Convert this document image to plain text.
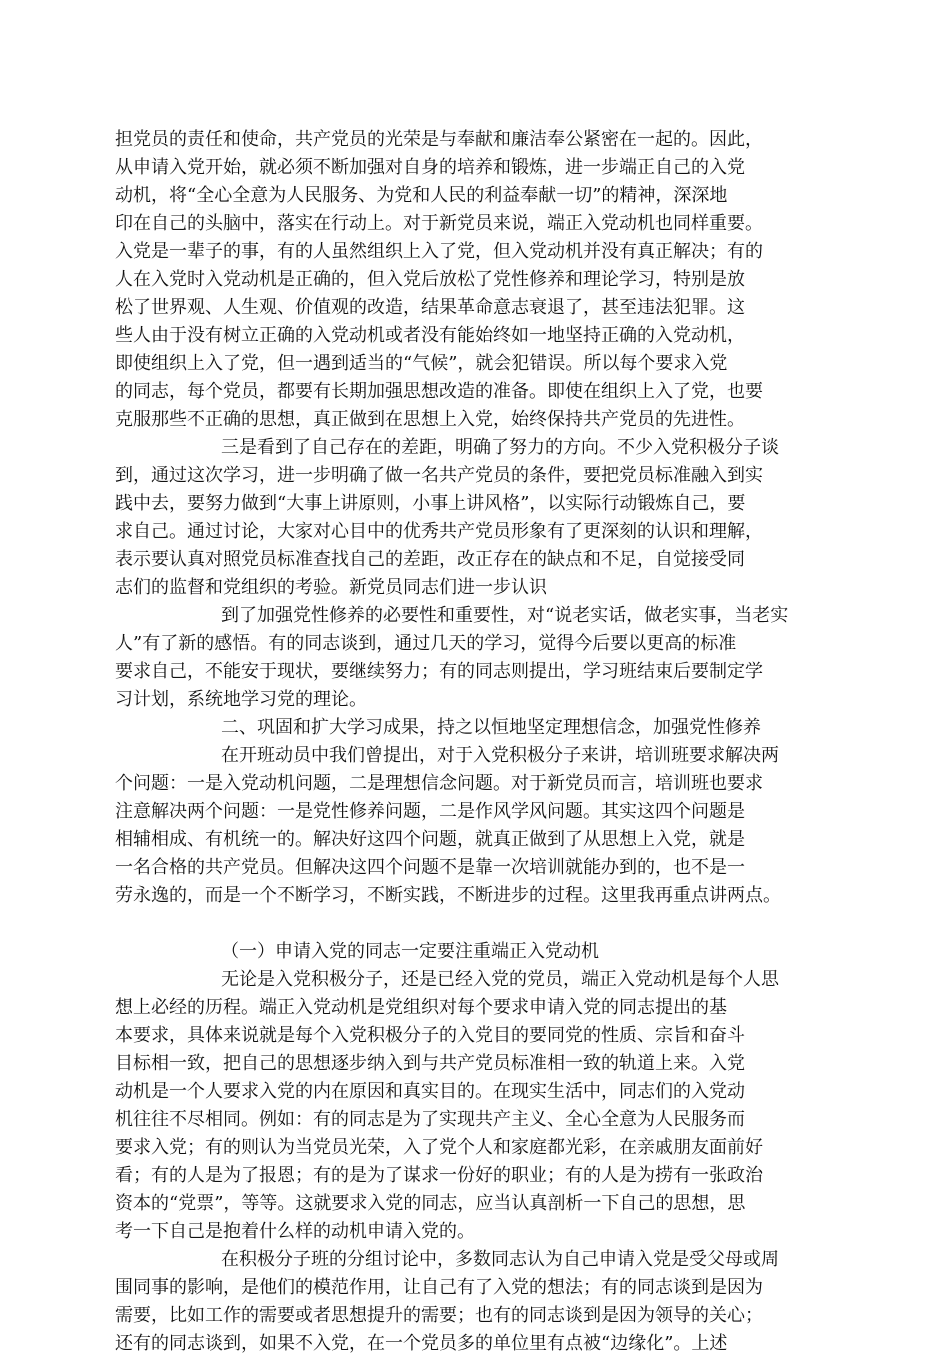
担党员的责任和使命，共产党员的光荣是与奉献和廉洁奉公紧密在一起的。因此，
从申请入党开始，就必须不断加强对自身的培养和锻炼，进一步端正自己的入党
动机，将“全心全意为人民服务、为党和人民的利益奉献一切”的精神，深深地
印在自己的头脑中，落实在行动上。对于新党员来说，端正入党动机也同样重要。
入党是一辈子的事，有的人虽然组织上入了党，但入党动机并没有真正解决；有的
人在入党时入党动机是正确的，但入党后放松了党性修养和理论学习，特别是放
松了世界观、人生观、价值观的改造，结果革命意志衰退了，甚至违法犯罪。这
些人由于没有树立正确的入党动机或者没有能始终如一地坚持正确的入党动机，
即使组织上入了党，但一遇到适当的“气候”，就会犯错误。所以每个要求入党
的同志，每个党员，都要有长期加强思想改造的准备。即使在组织上入了党，也要
克服那些不正确的思想，真正做到在思想上入党，始终保持共产党员的先进性。
三是看到了自己存在的差距，明确了努力的方向。不少入党积极分子谈
到，通过这次学习，进一步明确了做一名共产党员的条件，要把党员标准融入到实
践中去，要努力做到“大事上讲原则，小事上讲风格”，以实际行动锻炼自己，要
求自己。通过讨论，大家对心目中的优秀共产党员形象有了更深刻的认识和理解，
表示要认真对照党员标准查找自己的差距，改正存在的缺点和不足，自觉接受同
志们的监督和党组织的考验。新党员同志们进一步认识
到了加强党性修养的必要性和重要性，对“说老实话，做老实事，当老实
人”有了新的感悟。有的同志谈到，通过几天的学习，觉得今后要以更高的标准
要求自己，不能安于现状，要继续努力；有的同志则提出，学习班结束后要制定学
习计划，系统地学习党的理论。
二、巩固和扩大学习成果，持之以恒地坚定理想信念，加强党性修养
在开班动员中我们曾提出，对于入党积极分子来讲，培训班要求解决两
个问题：一是入党动机问题，二是理想信念问题。对于新党员而言，培训班也要求
注意解决两个问题：一是党性修养问题，二是作风学风问题。其实这四个问题是
相辅相成、有机统一的。解决好这四个问题，就真正做到了从思想上入党，就是
一名合格的共产党员。但解决这四个问题不是靠一次培训就能办到的，也不是一
劳永逸的，而是一个不断学习，不断实践，不断进步的过程。这里我再重点讲两点。
（一）申请入党的同志一定要注重端正入党动机
无论是入党积极分子，还是已经入党的党员，端正入党动机是每个人思
想上必经的历程。端正入党动机是党组织对每个要求申请入党的同志提出的基
本要求，具体来说就是每个入党积极分子的入党目的要同党的性质、宗旨和奋斗
目标相一致，把自己的思想逐步纳入到与共产党员标准相一致的轨道上来。入党
动机是一个人要求入党的内在原因和真实目的。在现实生活中，同志们的入党动
机往往不尽相同。例如：有的同志是为了实现共产主义、全心全意为人民服务而
要求入党；有的则认为当党员光荣，入了党个人和家庭都光彩，在亲戚朋友面前好
看；有的人是为了报恩；有的是为了谋求一份好的职业；有的人是为捞有一张政治
资本的“党票”，等等。这就要求入党的同志，应当认真剖析一下自己的思想，思
考一下自己是抱着什么样的动机申请入党的。
在积极分子班的分组讨论中，多数同志认为自己申请入党是受父母或周
围同事的影响，是他们的模范作用，让自己有了入党的想法；有的同志谈到是因为
需要，比如工作的需要或者思想提升的需要；也有的同志谈到是因为领导的关心；
还有的同志谈到，如果不入党，在一个党员多的单位里有点被“边缘化”。上述
